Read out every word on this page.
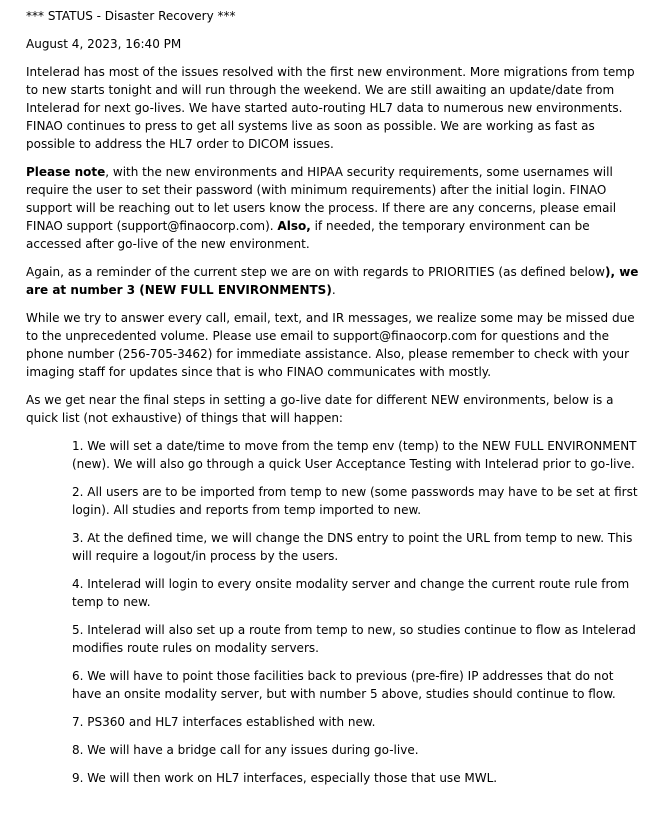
*** STATUS - Disaster Recovery ***

August 4, 2023, 16:40 PM

Intelerad has most of the issues resolved with the first new environment. More migrations from temp to new starts tonight and will run through the weekend. We are still awaiting an update/date from Intelerad for next go-lives. We have started auto-routing HL7 data to numerous new environments. FINAO continues to press to get all systems live as soon as possible. We are working as fast as possible to address the HL7 order to DICOM issues.

Please note, with the new environments and HIPAA security requirements, some usernames will require the user to set their password (with minimum requirements) after the initial login. FINAO support will be reaching out to let users know the process. If there are any concerns, please email FINAO support (support@finaocorp.com). Also, if needed, the temporary environment can be accessed after go-live of the new environment.

Again, as a reminder of the current step we are on with regards to PRIORITIES (as defined below), we are at number 3 (NEW FULL ENVIRONMENTS).

While we try to answer every call, email, text, and IR messages, we realize some may be missed due to the unprecedented volume. Please use email to support@finaocorp.com for questions and the phone number (256-705-3462) for immediate assistance. Also, please remember to check with your imaging staff for updates since that is who FINAO communicates with mostly.

As we get near the final steps in setting a go-live date for different NEW environments, below is a quick list (not exhaustive) of things that will happen:

1. We will set a date/time to move from the temp env (temp) to the NEW FULL ENVIRONMENT (new). We will also go through a quick User Acceptance Testing with Intelerad prior to go-live.

2. All users are to be imported from temp to new (some passwords may have to be set at first login). All studies and reports from temp imported to new.

3. At the defined time, we will change the DNS entry to point the URL from temp to new. This will require a logout/in process by the users.

4. Intelerad will login to every onsite modality server and change the current route rule from temp to new.

5. Intelerad will also set up a route from temp to new, so studies continue to flow as Intelerad modifies route rules on modality servers.

6. We will have to point those facilities back to previous (pre-fire) IP addresses that do not have an onsite modality server, but with number 5 above, studies should continue to flow.

7. PS360 and HL7 interfaces established with new.

8. We will have a bridge call for any issues during go-live.

9. We will then work on HL7 interfaces, especially those that use MWL.
